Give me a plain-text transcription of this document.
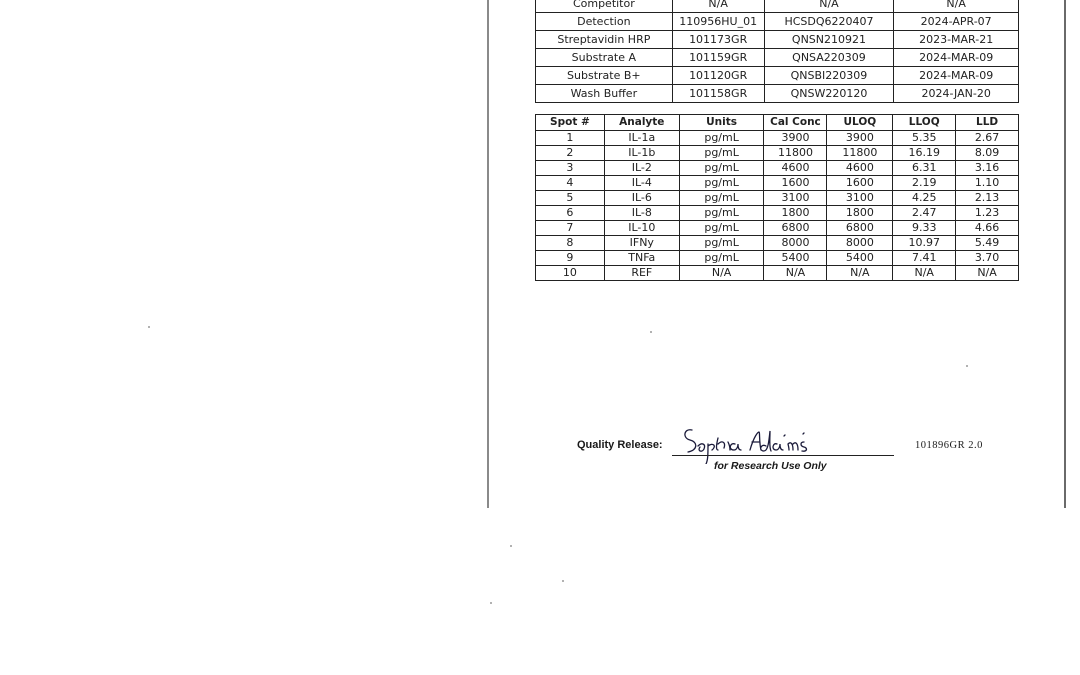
Competitor	N/A	N/A	N/A
Detection	110956HU_01	HCSDQ6220407	2024-APR-07
Streptavidin HRP	101173GR	QNSN210921	2023-MAR-21
Substrate A	101159GR	QNSA220309	2024-MAR-09
Substrate B+	101120GR	QNSBI220309	2024-MAR-09
Wash Buffer	101158GR	QNSW220120	2024-JAN-20
Spot #	Analyte	Units	Cal Conc	ULOQ	LLOQ	LLD
1	IL-1a	pg/mL	3900	3900	5.35	2.67
2	IL-1b	pg/mL	11800	11800	16.19	8.09
3	IL-2	pg/mL	4600	4600	6.31	3.16
4	IL-4	pg/mL	1600	1600	2.19	1.10
5	IL-6	pg/mL	3100	3100	4.25	2.13
6	IL-8	pg/mL	1800	1800	2.47	1.23
7	IL-10	pg/mL	6800	6800	9.33	4.66
8	IFNy	pg/mL	8000	8000	10.97	5.49
9	TNFa	pg/mL	5400	5400	7.41	3.70
10	REF	N/A	N/A	N/A	N/A	N/A
Quality Release:
for Research Use Only
101896GR 2.0
